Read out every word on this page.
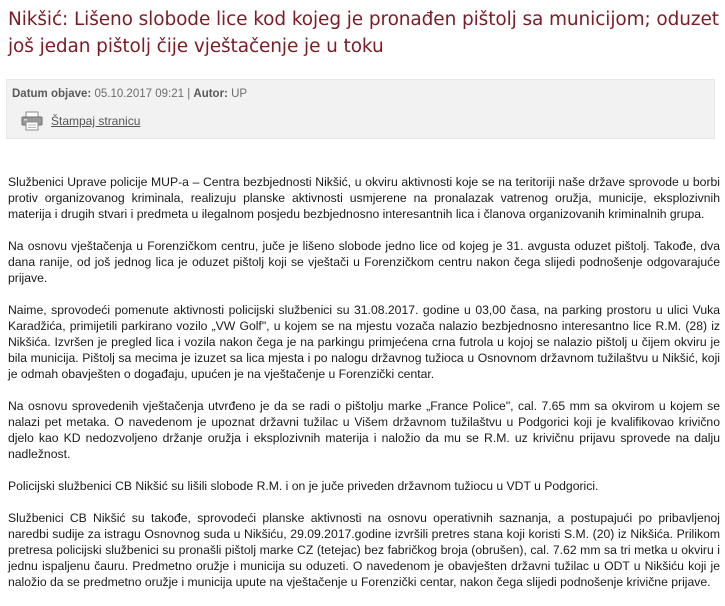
Nikšić: Lišeno slobode lice kod kojeg je pronađen pištolj sa municijom; oduzet još jedan pištolj čije vještačenje je u toku
Datum objave: 05.10.2017 09:21 | Autor: UP
Štampaj stranicu

Službenici Uprave policije MUP-a – Centra bezbjednosti Nikšić, u okviru aktivnosti koje se na teritoriji naše države sprovode u borbi protiv organizovanog kriminala, realizuju planske aktivnosti usmjerene na pronalazak vatrenog oružja, municije, eksplozivnih materija i drugih stvari i predmeta u ilegalnom posjedu bezbjednosno interesantnih lica i članova organizovanih kriminalnih grupa.

Na osnovu vještačenja u Forenzičkom centru, juče je lišeno slobode jedno lice od kojeg je 31. avgusta oduzet pištolj. Takođe, dva dana ranije, od još jednog lica je oduzet pištolj koji se vještači u Forenzičkom centru nakon čega slijedi podnošenje odgovarajuće prijave.

Naime, sprovodeći pomenute aktivnosti policijski službenici su 31.08.2017. godine u 03,00 časa, na parking prostoru u ulici Vuka Karadžića, primijetili parkirano vozilo „VW Golf", u kojem se na mjestu vozača nalazio bezbjednosno interesantno lice R.M. (28) iz Nikšića. Izvršen je pregled lica i vozila nakon čega je na parkingu primjećena crna futrola u kojoj se nalazio pištolj u čijem okviru je bila municija. Pištolj sa mecima je izuzet sa lica mjesta i po nalogu državnog tužioca u Osnovnom državnom tužilaštvu u Nikšić, koji je odmah obavješten o događaju, upućen je na vještačenje u Forenzički centar.

Na osnovu sprovedenih vještačenja utvrđeno je da se radi o pištolju marke „France Police", cal. 7.65 mm sa okvirom u kojem se nalazi pet metaka. O navedenom je upoznat državni tužilac u Višem državnom tužilaštvu u Podgorici koji je kvalifikovao krivično djelo kao KD nedozvoljeno držanje oružja i eksplozivnih materija i naložio da mu se R.M. uz krivičnu prijavu sprovede na dalju nadležnost.

Policijski službenici CB Nikšić su lišili slobode R.M. i on je juče priveden državnom tužiocu u VDT u Podgorici.

Službenici CB Nikšić su takođe, sprovodeći planske aktivnosti na osnovu operativnih saznanja, a postupajući po pribavljenoj naredbi sudije za istragu Osnovnog suda u Nikšiću, 29.09.2017.godine izvršili pretres stana koji koristi S.M. (20) iz Nikšića. Prilikom pretresa policijski službenici su pronašli pištolj marke CZ (tetejac) bez fabričkog broja (obrušen), cal. 7.62 mm sa tri metka u okviru i jednu ispaljenu čauru. Predmetno oružje i municija su oduzeti. O navedenom je obavješten državni tužilac u ODT u Nikšiću koji je naložio da se predmetno oružje i municija upute na vještačenje u Forenzički centar, nakon čega slijedi podnošenje krivične prijave.
